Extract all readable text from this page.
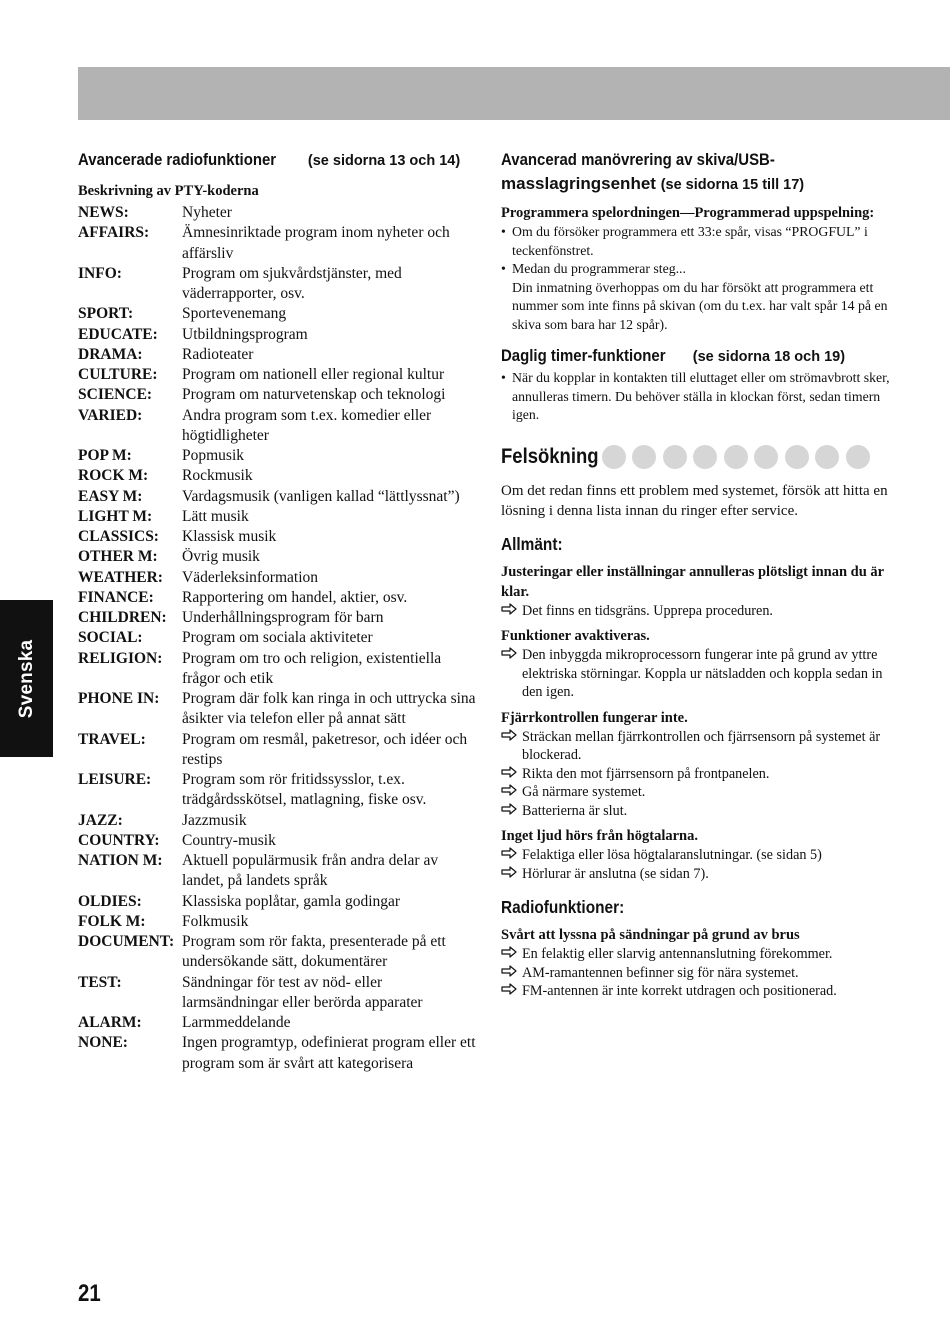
Svenska
Avancerade radiofunktioner (se sidorna 13 och 14)
Beskrivning av PTY-koderna
NEWS:	Nyheter
AFFAIRS:	Ämnesinriktade program inom nyheter och affärsliv
INFO:	Program om sjukvårdstjänster, med väderrapporter, osv.
SPORT:	Sportevenemang
EDUCATE:	Utbildningsprogram
DRAMA:	Radioteater
CULTURE:	Program om nationell eller regional kultur
SCIENCE:	Program om naturvetenskap och teknologi
VARIED:	Andra program som t.ex. komedier eller högtidligheter
POP M:	Popmusik
ROCK M:	Rockmusik
EASY M:	Vardagsmusik (vanligen kallad “lättlyssnat”)
LIGHT M:	Lätt musik
CLASSICS:	Klassisk musik
OTHER M:	Övrig musik
WEATHER:	Väderleksinformation
FINANCE:	Rapportering om handel, aktier, osv.
CHILDREN: Underhållningsprogram för barn
SOCIAL:	Program om sociala aktiviteter
RELIGION:	Program om tro och religion, existentiella frågor och etik
PHONE IN:	Program där folk kan ringa in och uttrycka sina åsikter via telefon eller på annat sätt
TRAVEL:	Program om resmål, paketresor, och idéer och restips
LEISURE:	Program som rör fritidssysslor, t.ex. trädgårdsskötsel, matlagning, fiske osv.
JAZZ:	Jazzmusik
COUNTRY:	Country-musik
NATION M:	Aktuell populärmusik från andra delar av landet, på landets språk
OLDIES:	Klassiska poplåtar, gamla godingar
FOLK M:	Folkmusik
DOCUMENT: Program som rör fakta, presenterade på ett undersökande sätt, dokumentärer
TEST:	Sändningar för test av nöd- eller larmsändningar eller berörda apparater
ALARM:	Larmmeddelande
NONE:	Ingen programtyp, odefinierat program eller ett program som är svårt att kategorisera
Avancerad manövrering av skiva/USB-
masslagringsenhet (se sidorna 15 till 17)
Programmera spelordningen—Programmerad uppspelning:
• Om du försöker programmera ett 33:e spår, visas “PROGFUL” i teckenfönstret.
• Medan du programmerar steg...
Din inmatning överhoppas om du har försökt att programmera ett nummer som inte finns på skivan (om du t.ex. har valt spår 14 på en skiva som bara har 12 spår).
Daglig timer-funktioner (se sidorna 18 och 19)
• När du kopplar in kontakten till eluttaget eller om strömavbrott sker, annulleras timern. Du behöver ställa in klockan först, sedan timern igen.
Felsökning
Om det redan finns ett problem med systemet, försök att hitta en lösning i denna lista innan du ringer efter service.
Allmänt:
Justeringar eller inställningar annulleras plötsligt innan du är klar.
Det finns en tidsgräns. Upprepa proceduren.
Funktioner avaktiveras.
Den inbyggda mikroprocessorn fungerar inte på grund av yttre elektriska störningar. Koppla ur nätsladden och koppla sedan in den igen.
Fjärrkontrollen fungerar inte.
Sträckan mellan fjärrkontrollen och fjärrsensorn på systemet är blockerad.
Rikta den mot fjärrsensorn på frontpanelen.
Gå närmare systemet.
Batterierna är slut.
Inget ljud hörs från högtalarna.
Felaktiga eller lösa högtalaranslutningar. (se sidan 5)
Hörlurar är anslutna (se sidan 7).
Radiofunktioner:
Svårt att lyssna på sändningar på grund av brus
En felaktig eller slarvig antennanslutning förekommer.
AM-ramantennen befinner sig för nära systemet.
FM-antennen är inte korrekt utdragen och positionerad.
21
